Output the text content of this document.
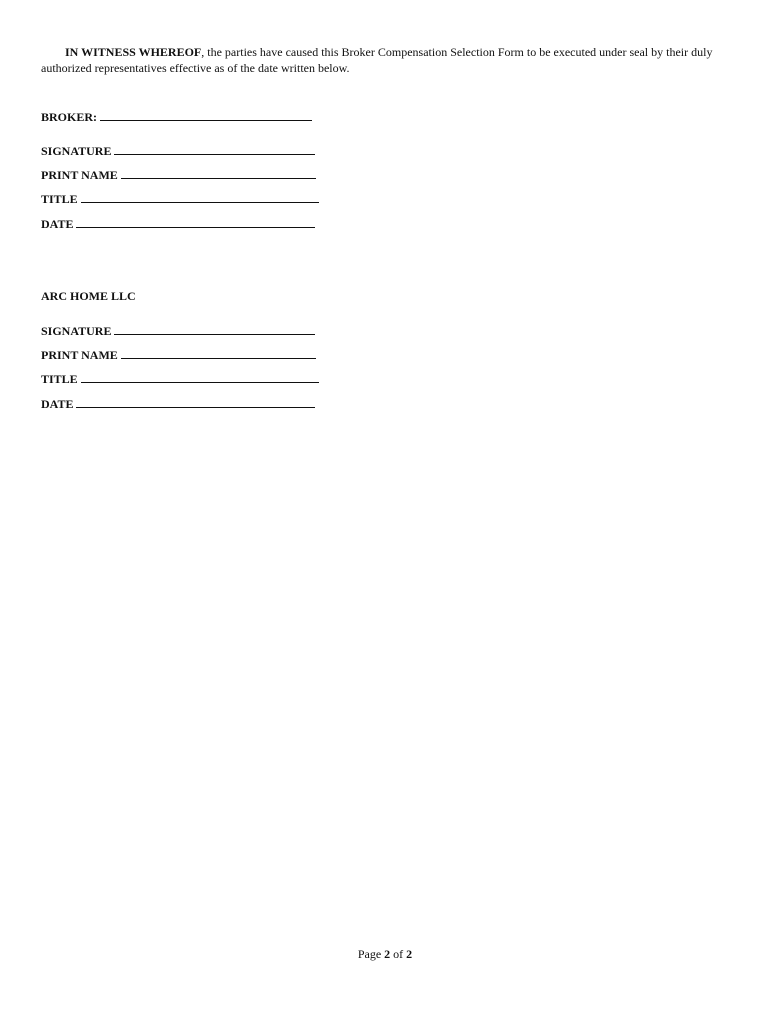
IN WITNESS WHEREOF, the parties have caused this Broker Compensation Selection Form to be executed under seal by their duly authorized representatives effective as of the date written below.

BROKER:
SIGNATURE
PRINT NAME
TITLE
DATE

ARC HOME LLC

SIGNATURE
PRINT NAME
TITLE
DATE
Page 2 of 2
